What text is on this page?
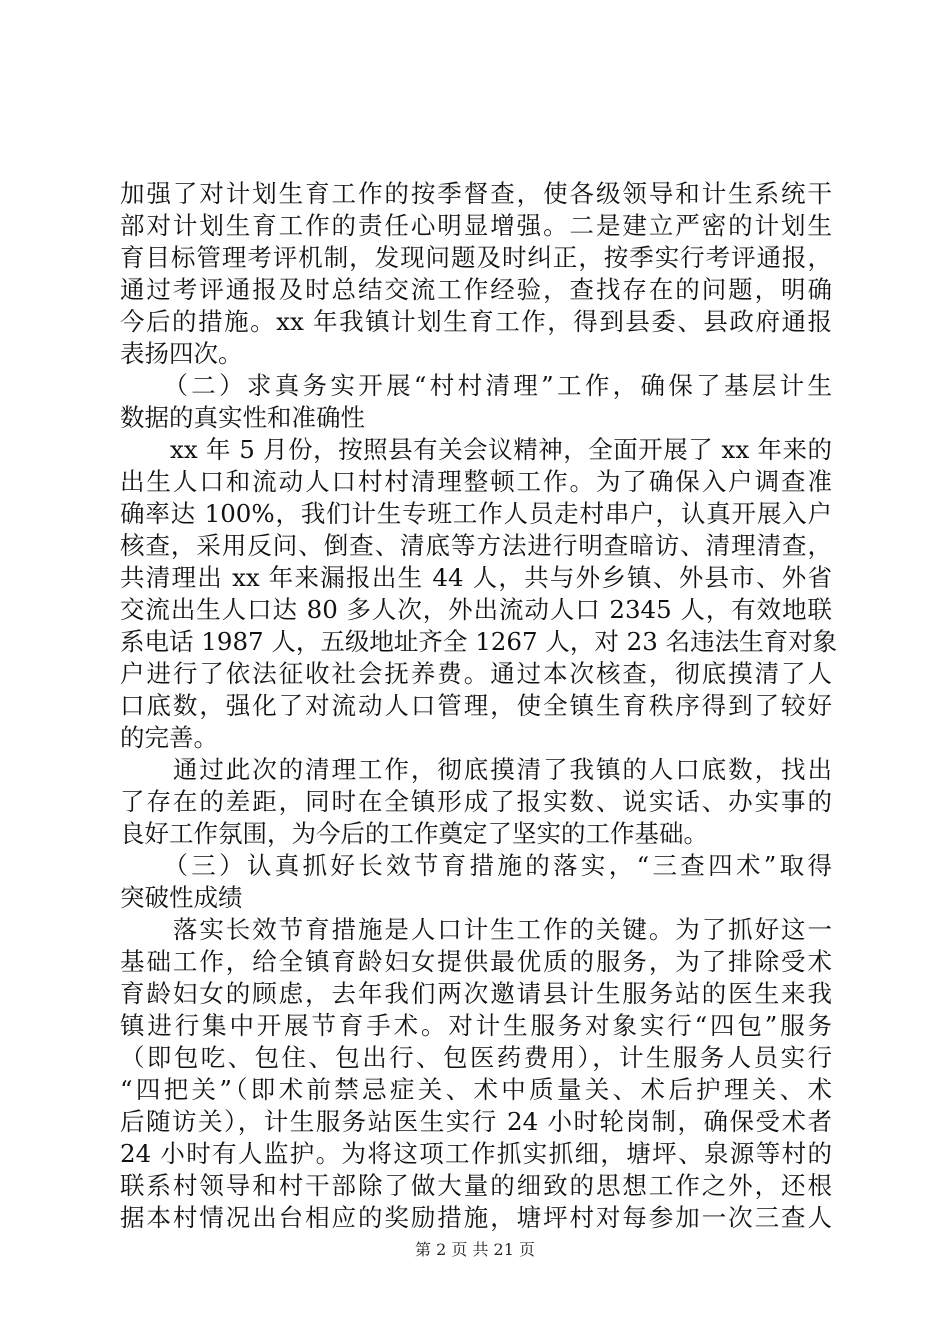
加强了对计划生育工作的按季督查，使各级领导和计生系统干
部对计划生育工作的责任心明显增强。二是建立严密的计划生
育目标管理考评机制，发现问题及时纠正，按季实行考评通报，
通过考评通报及时总结交流工作经验，查找存在的问题，明确
今后的措施。xx 年我镇计划生育工作，得到县委、县政府通报
表扬四次。
　　（二）求真务实开展“村村清理”工作，确保了基层计生
数据的真实性和准确性
　　xx 年 5 月份，按照县有关会议精神，全面开展了 xx 年来的
出生人口和流动人口村村清理整顿工作。为了确保入户调查准
确率达 100%，我们计生专班工作人员走村串户，认真开展入户
核查，采用反问、倒查、清底等方法进行明查暗访、清理清查，
共清理出 xx 年来漏报出生 44 人，共与外乡镇、外县市、外省
交流出生人口达 80 多人次，外出流动人口 2345 人，有效地联
系电话 1987 人，五级地址齐全 1267 人，对 23 名违法生育对象
户进行了依法征收社会抚养费。通过本次核查，彻底摸清了人
口底数，强化了对流动人口管理，使全镇生育秩序得到了较好
的完善。
　　通过此次的清理工作，彻底摸清了我镇的人口底数，找出
了存在的差距，同时在全镇形成了报实数、说实话、办实事的
良好工作氛围，为今后的工作奠定了坚实的工作基础。
　　（三）认真抓好长效节育措施的落实，“三查四术”取得
突破性成绩
　　落实长效节育措施是人口计生工作的关键。为了抓好这一
基础工作，给全镇育龄妇女提供最优质的服务，为了排除受术
育龄妇女的顾虑，去年我们两次邀请县计生服务站的医生来我
镇进行集中开展节育手术。对计生服务对象实行“四包”服务
（即包吃、包住、包出行、包医药费用），计生服务人员实行
“四把关”（即术前禁忌症关、术中质量关、术后护理关、术
后随访关），计生服务站医生实行 24 小时轮岗制，确保受术者
24 小时有人监护。为将这项工作抓实抓细，塘坪、泉源等村的
联系村领导和村干部除了做大量的细致的思想工作之外，还根
据本村情况出台相应的奖励措施，塘坪村对每参加一次三查人
第 2 页 共 21 页
